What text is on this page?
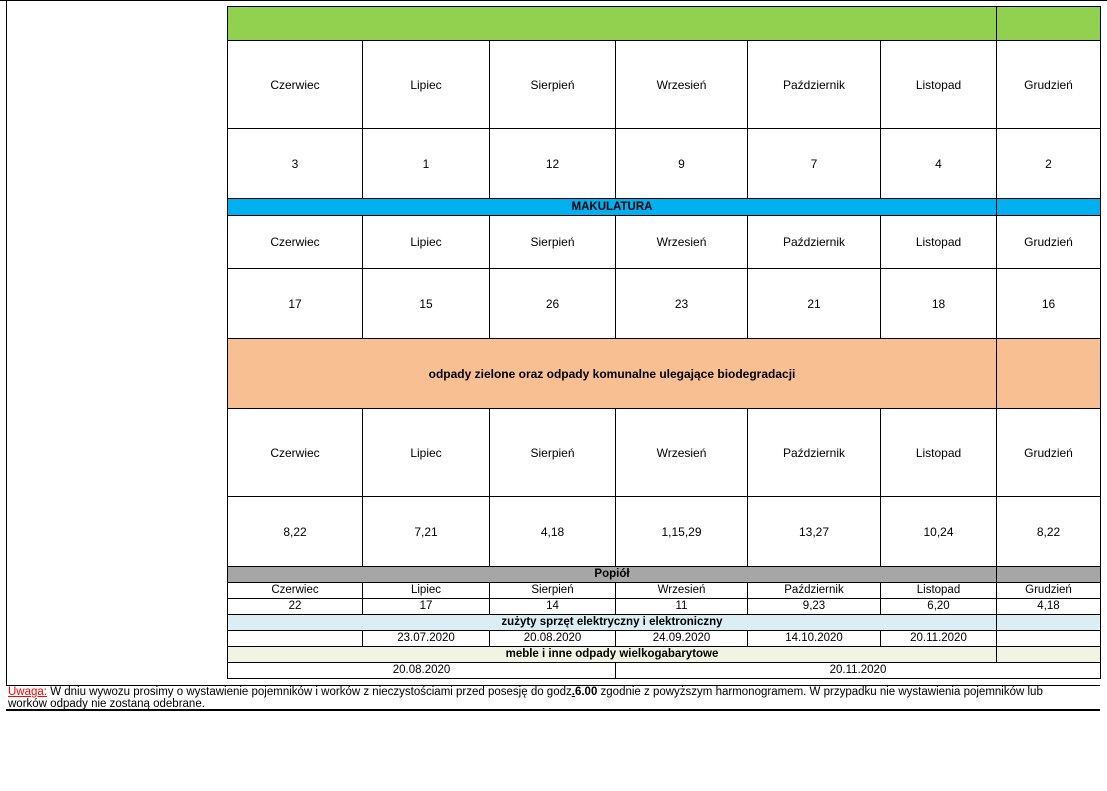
Czerwiec	Lipiec	Sierpień	Wrzesień	Październik	Listopad	Grudzień
3	1	12	9	7	4	2
MAKULATURA						
Czerwiec	Lipiec	Sierpień	Wrzesień	Październik	Listopad	Grudzień
17	15	26	23	21	18	16
odpady zielone oraz odpady komunalne ulegające biodegradacji						
Czerwiec	Lipiec	Sierpień	Wrzesień	Październik	Listopad	Grudzień
8,22	7,21	4,18	1,15,29	13,27	10,24	8,22
Popiół						
Czerwiec	Lipiec	Sierpień	Wrzesień	Październik	Listopad	Grudzień
22	17	14	11	9,23	6,20	4,18
zużyty sprzęt elektryczny i elektroniczny						
	23.07.2020	20.08.2020	24.09.2020	14.10.2020	20.11.2020	
meble i inne odpady wielkogabarytowe						
20.08.2020			20.11.2020			
Uwaga: W dniu wywozu prosimy o wystawienie pojemników i worków z nieczystościami przed posesję do godz.6.00 zgodnie z powyższym harmonogramem. W przypadku nie wystawienia pojemników lub
worków odpady nie zostaną odebrane.
